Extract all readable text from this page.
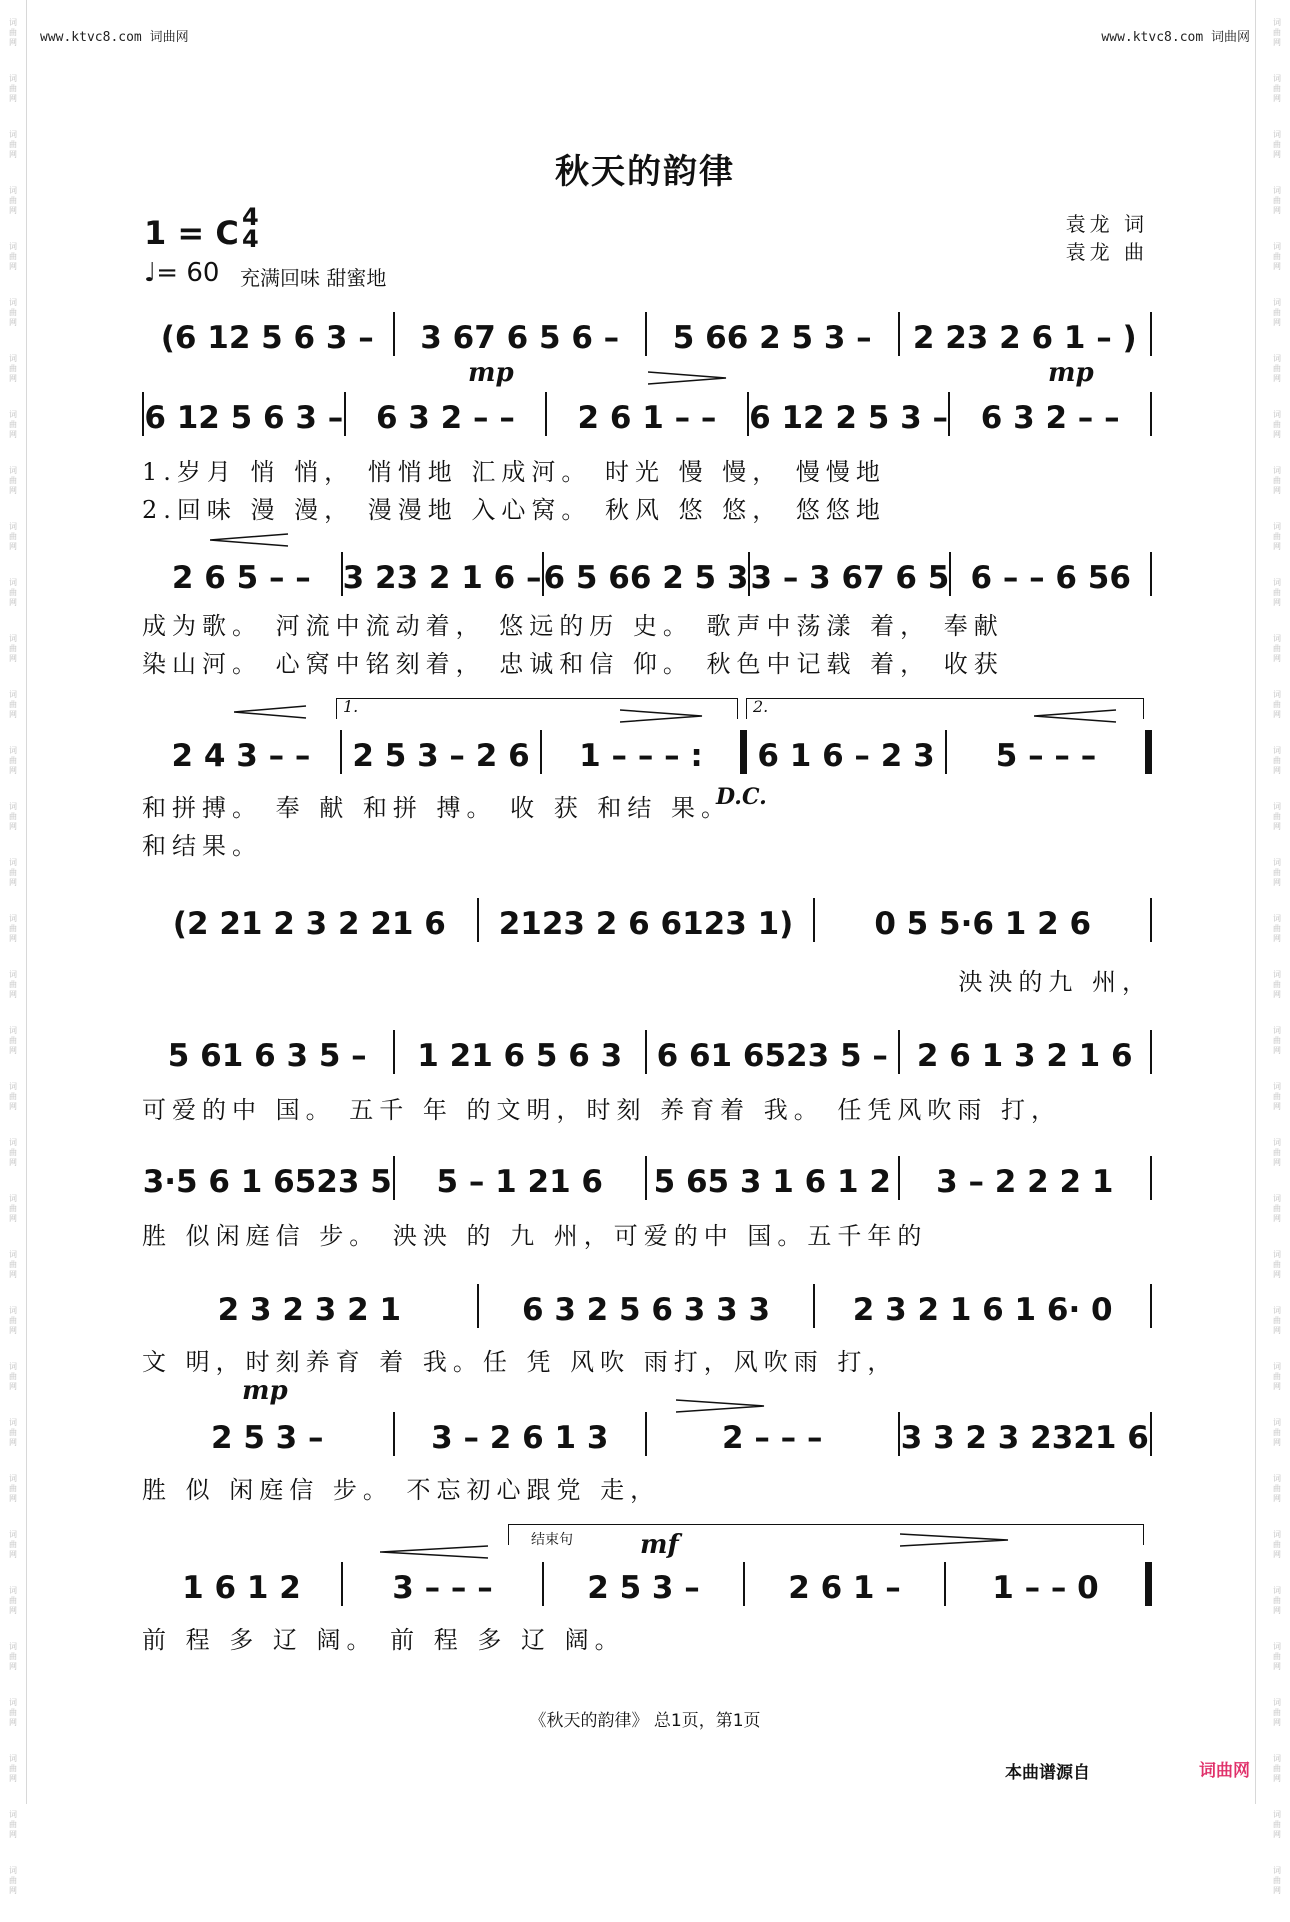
词
曲
网
词
曲
网
词
曲
网
词
曲
网
词
曲
网
词
曲
网
词
曲
网
词
曲
网
词
曲
网
词
曲
网
词
曲
网
词
曲
网
词
曲
网
词
曲
网
词
曲
网
词
曲
网
词
曲
网
词
曲
网
词
曲
网
词
曲
网
词
曲
网
词
曲
网
词
曲
网
词
曲
网
词
曲
网
词
曲
网
词
曲
网
词
曲
网
词
曲
网
词
曲
网
词
曲
网
词
曲
网
词
曲
网
词
曲
网
词
曲
网
词
曲
网
词
曲
网
词
曲
网
词
曲
网
词
曲
网
词
曲
网
词
曲
网
词
曲
网
词
曲
网
词
曲
网
词
曲
网
词
曲
网
词
曲
网
词
曲
网
词
曲
网
词
曲
网
词
曲
网
词
曲
网
词
曲
网
词
曲
网
词
曲
网
词
曲
网
词
曲
网
词
曲
网
词
曲
网
词
曲
网
词
曲
网
词
曲
网
词
曲
网
词
曲
网
词
曲
网
词
曲
网
词
曲
网
www.ktvc8.com 词曲网	www.ktvc8.com 词曲网
秋天的韵律
1 = C 4
4
♩= 60 充满回味 甜蜜地
袁龙 词
袁龙 曲
(6 12 5 6 3 –	3 67 6 5 6 –	5 66 2 5 3 –	2 23 2 6 1 – )
mp	mp
6 12 5 6 3 –	6 3 2 – –	2 6 1 – –	6 12 2 5 3 –	6 3 2 – –
1.岁月 悄 悄， 悄悄地 汇成河。 时光 慢 慢， 慢慢地
2.回味 漫 漫， 漫漫地 入心窝。 秋风 悠 悠， 悠悠地
2 6 5 – –	3 23 2 1 6 – 6 5 66 2 5 3 3 – 3 67 6 5 6 – – 6 56
成为歌。 河流中流动着， 悠远的历 史。 歌声中荡漾 着， 奉献
染山河。 心窝中铭刻着， 忠诚和信 仰。 秋色中记载 着， 收获
1.	2.
2 4 3 – –	2 5 3 – 2 6	1 – – – :	6 1 6 – 2 3	5 – – –
和拼搏。 奉 献 和拼 搏。 收 获 和结 果。
D.C.
和结果。
(2 21 2 3 2 21 6	2123 2 6 6123 1)	0 5 5·6 1 2 6
泱泱的九 州，
5 61 6 3 5 –	1 21 6 5 6 3	6 61 6523 5 – 2 6 1 3 2 1 6
可爱的中 国。 五千 年 的文明，时刻 养育着 我。 任凭风吹雨 打，
3·5 6 1 6523 5	5 – 1 21 6	5 65 3 1 6 1 2	3 – 2 2 2 1
胜 似闲庭信 步。 泱泱 的 九 州，可爱的中 国。五千年的
2 3 2 3 2 1	6 3 2 5 6 3 3 3	2 3 2 1 6 1 6· 0
文 明，时刻养育 着 我。任 凭 风吹 雨打，风吹雨 打，
mp
2 5 3 –	3 – 2 6 1 3	2 – – –	3 3 2 3 2321 6
胜 似 闲庭信 步。 不忘初心跟党 走，
结束句	mf
1 6 1 2	3 – – –	2 5 3 –	2 6 1 –	1 – – 0
前 程 多 辽 阔。 前 程 多 辽 阔。
《秋天的韵律》 总1页，第1页
本曲谱源自	词曲网
